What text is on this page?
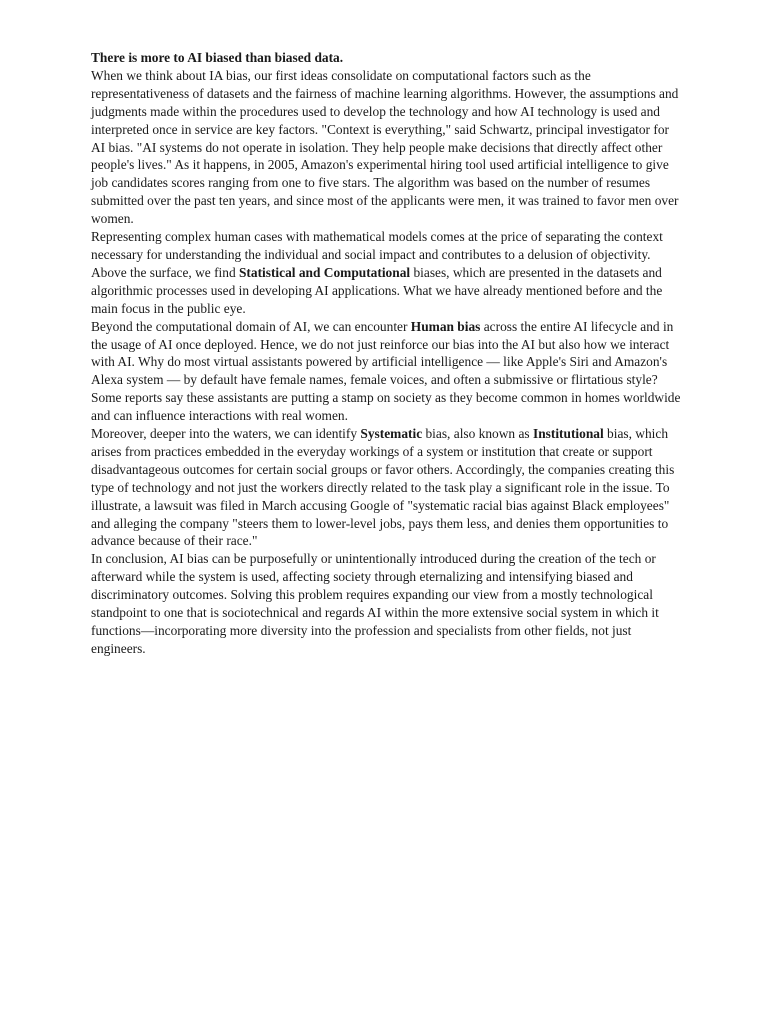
There is more to AI biased than biased data.

When we think about IA bias, our first ideas consolidate on computational factors such as the representativeness of datasets and the fairness of machine learning algorithms. However, the assumptions and judgments made within the procedures used to develop the technology and how AI technology is used and interpreted once in service are key factors. "Context is everything," said Schwartz, principal investigator for AI bias. "AI systems do not operate in isolation. They help people make decisions that directly affect other people's lives." As it happens, in 2005, Amazon's experimental hiring tool used artificial intelligence to give job candidates scores ranging from one to five stars. The algorithm was based on the number of resumes submitted over the past ten years, and since most of the applicants were men, it was trained to favor men over women.

Representing complex human cases with mathematical models comes at the price of separating the context necessary for understanding the individual and social impact and contributes to a delusion of objectivity.

Above the surface, we find Statistical and Computational biases, which are presented in the datasets and algorithmic processes used in developing AI applications. What we have already mentioned before and the main focus in the public eye.

Beyond the computational domain of AI, we can encounter Human bias across the entire AI lifecycle and in the usage of AI once deployed. Hence, we do not just reinforce our bias into the AI but also how we interact with AI. Why do most virtual assistants powered by artificial intelligence — like Apple's Siri and Amazon's Alexa system — by default have female names, female voices, and often a submissive or flirtatious style? Some reports say these assistants are putting a stamp on society as they become common in homes worldwide and can influence interactions with real women.

Moreover, deeper into the waters, we can identify Systematic bias, also known as Institutional bias, which arises from practices embedded in the everyday workings of a system or institution that create or support disadvantageous outcomes for certain social groups or favor others. Accordingly, the companies creating this type of technology and not just the workers directly related to the task play a significant role in the issue. To illustrate, a lawsuit was filed in March accusing Google of "systematic racial bias against Black employees" and alleging the company "steers them to lower-level jobs, pays them less, and denies them opportunities to advance because of their race."

In conclusion, AI bias can be purposefully or unintentionally introduced during the creation of the tech or afterward while the system is used, affecting society through eternalizing and intensifying biased and discriminatory outcomes. Solving this problem requires expanding our view from a mostly technological standpoint to one that is sociotechnical and regards AI within the more extensive social system in which it functions—incorporating more diversity into the profession and specialists from other fields, not just engineers.
